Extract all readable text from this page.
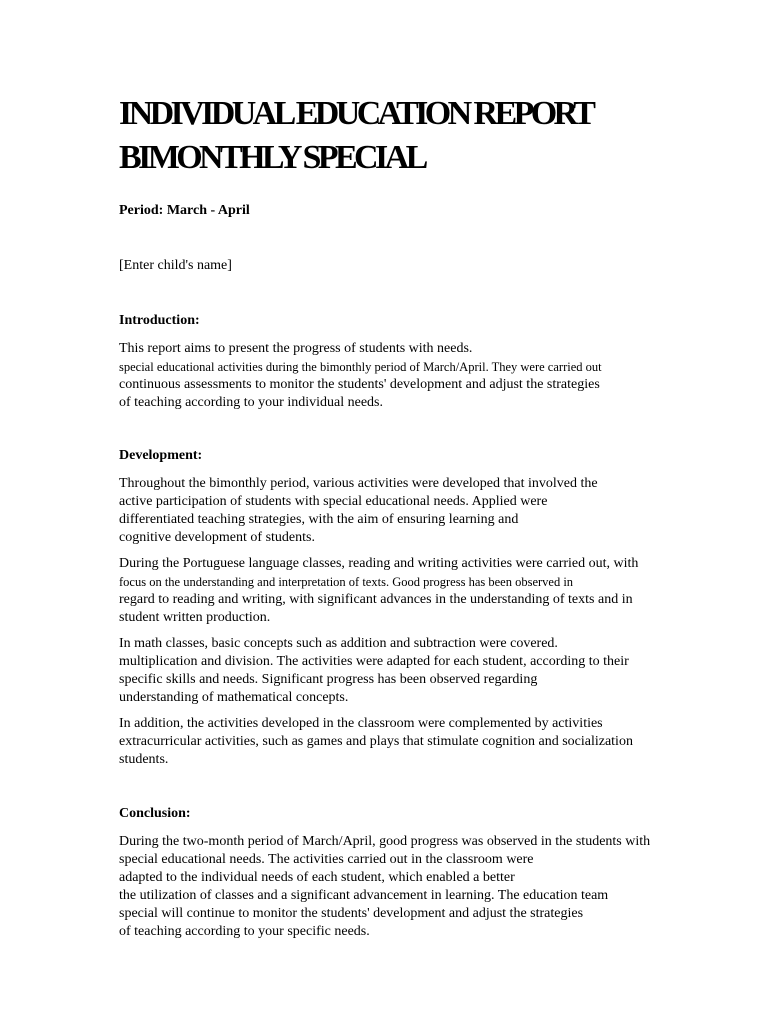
INDIVIDUAL EDUCATION REPORT
BIMONTHLY SPECIAL
Period: March - April
[Enter child's name]
Introduction:
This report aims to present the progress of students with needs.
special educational activities during the bimonthly period of March/April. They were carried out
continuous assessments to monitor the students' development and adjust the strategies
of teaching according to your individual needs.
Development:
Throughout the bimonthly period, various activities were developed that involved the
active participation of students with special educational needs. Applied were
differentiated teaching strategies, with the aim of ensuring learning and
cognitive development of students.
During the Portuguese language classes, reading and writing activities were carried out, with
focus on the understanding and interpretation of texts. Good progress has been observed in
regard to reading and writing, with significant advances in the understanding of texts and in
student written production.
In math classes, basic concepts such as addition and subtraction were covered.
multiplication and division. The activities were adapted for each student, according to their
specific skills and needs. Significant progress has been observed regarding
understanding of mathematical concepts.
In addition, the activities developed in the classroom were complemented by activities
extracurricular activities, such as games and plays that stimulate cognition and socialization
students.
Conclusion:
During the two-month period of March/April, good progress was observed in the students with
special educational needs. The activities carried out in the classroom were
adapted to the individual needs of each student, which enabled a better
the utilization of classes and a significant advancement in learning. The education team
special will continue to monitor the students' development and adjust the strategies
of teaching according to your specific needs.
